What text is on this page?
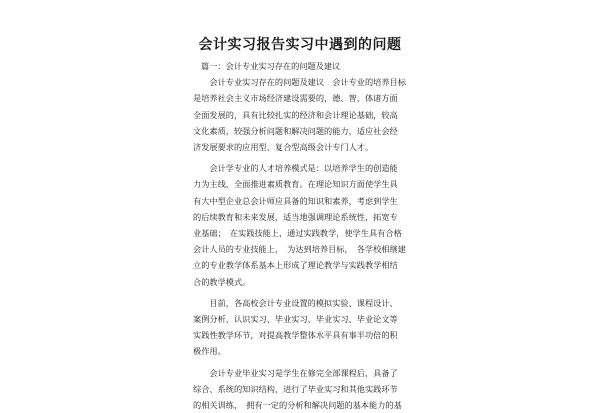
会计实习报告实习中遇到的问题
篇一：会计专业实习存在的问题及建议
　　会计专业实习存在的问题及建议　会计专业的培养目标
是培养社会主义市场经济建设需要的，德、智、体诸方面
全面发展的，具有比较扎实的经济和会计理论基础，较高
文化素质，较强分析问题和解决问题的能力，适应社会经
济发展要求的应用型、复合型高级会计专门人才。
　　会计学专业的人才培养模式是：以培养学生的创造能
力为主线，全面推进素质教育。在理论知识方面使学生具
有大中型企业总会计师应具备的知识和素养，考虑到学生
的后续教育和未来发展，适当地强调理论系统性，拓宽专
业基础；　在实践技能上，通过实践教学，使学生具有合格
会计人员的专业技能上，　为达到培养目标，　各学校相继建
立的专业教学体系基本上形成了理论教学与实践教学相结
合的教学模式。
　　目前，各高校会计专业设置的模拟实验、课程设计、
案例分析、认识实习、毕业实习、毕业实习、毕业论文等
实践性教学环节，对提高教学整体水平具有事半功倍的积
极作用。
　　会计专业毕业实习是学生在修完全部课程后，具备了
综合、系统的知识结构，进行了毕业实习和其他实践环节
的相关训练，　拥有一定的分析和解决问题的基本能力的基
